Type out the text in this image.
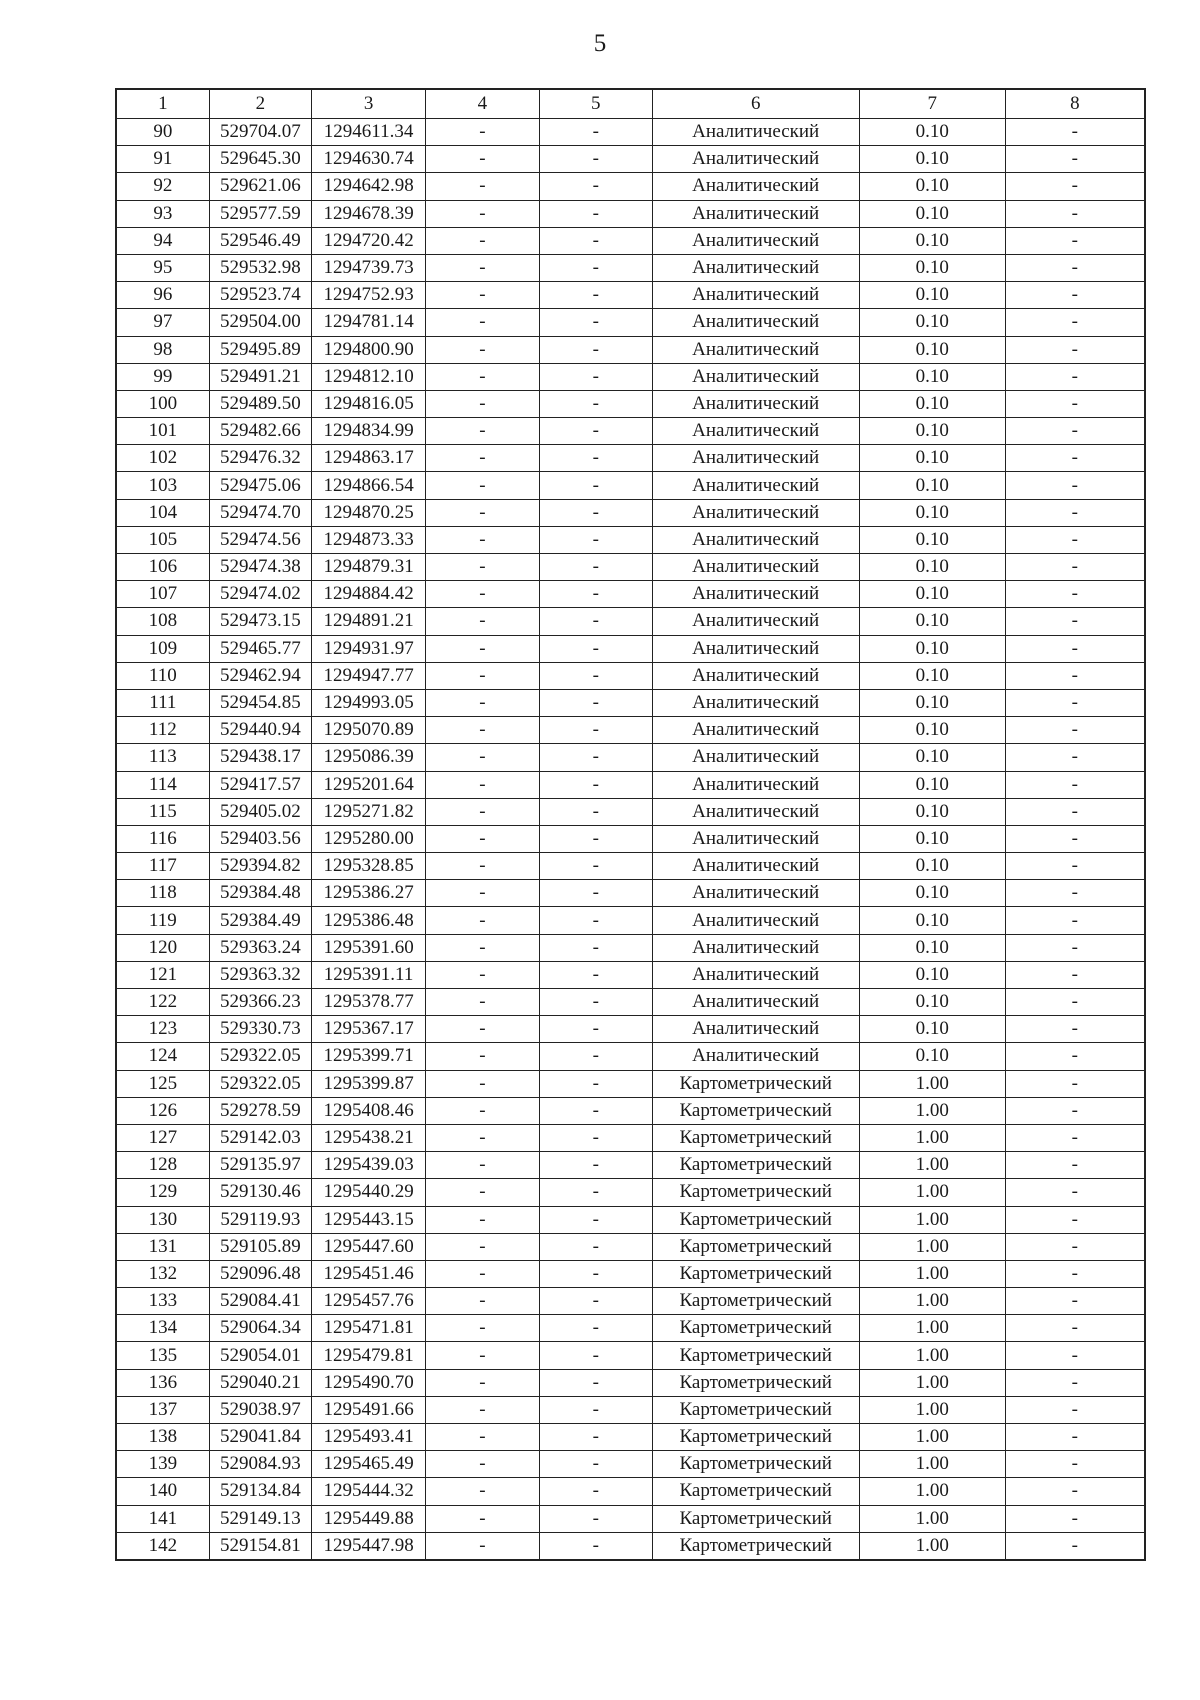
5
1	2	3	4	5	6	7	8
90	529704.07	1294611.34	-	-	Аналитический	0.10	-
91	529645.30	1294630.74	-	-	Аналитический	0.10	-
92	529621.06	1294642.98	-	-	Аналитический	0.10	-
93	529577.59	1294678.39	-	-	Аналитический	0.10	-
94	529546.49	1294720.42	-	-	Аналитический	0.10	-
95	529532.98	1294739.73	-	-	Аналитический	0.10	-
96	529523.74	1294752.93	-	-	Аналитический	0.10	-
97	529504.00	1294781.14	-	-	Аналитический	0.10	-
98	529495.89	1294800.90	-	-	Аналитический	0.10	-
99	529491.21	1294812.10	-	-	Аналитический	0.10	-
100	529489.50	1294816.05	-	-	Аналитический	0.10	-
101	529482.66	1294834.99	-	-	Аналитический	0.10	-
102	529476.32	1294863.17	-	-	Аналитический	0.10	-
103	529475.06	1294866.54	-	-	Аналитический	0.10	-
104	529474.70	1294870.25	-	-	Аналитический	0.10	-
105	529474.56	1294873.33	-	-	Аналитический	0.10	-
106	529474.38	1294879.31	-	-	Аналитический	0.10	-
107	529474.02	1294884.42	-	-	Аналитический	0.10	-
108	529473.15	1294891.21	-	-	Аналитический	0.10	-
109	529465.77	1294931.97	-	-	Аналитический	0.10	-
110	529462.94	1294947.77	-	-	Аналитический	0.10	-
111	529454.85	1294993.05	-	-	Аналитический	0.10	-
112	529440.94	1295070.89	-	-	Аналитический	0.10	-
113	529438.17	1295086.39	-	-	Аналитический	0.10	-
114	529417.57	1295201.64	-	-	Аналитический	0.10	-
115	529405.02	1295271.82	-	-	Аналитический	0.10	-
116	529403.56	1295280.00	-	-	Аналитический	0.10	-
117	529394.82	1295328.85	-	-	Аналитический	0.10	-
118	529384.48	1295386.27	-	-	Аналитический	0.10	-
119	529384.49	1295386.48	-	-	Аналитический	0.10	-
120	529363.24	1295391.60	-	-	Аналитический	0.10	-
121	529363.32	1295391.11	-	-	Аналитический	0.10	-
122	529366.23	1295378.77	-	-	Аналитический	0.10	-
123	529330.73	1295367.17	-	-	Аналитический	0.10	-
124	529322.05	1295399.71	-	-	Аналитический	0.10	-
125	529322.05	1295399.87	-	-	Картометрический	1.00	-
126	529278.59	1295408.46	-	-	Картометрический	1.00	-
127	529142.03	1295438.21	-	-	Картометрический	1.00	-
128	529135.97	1295439.03	-	-	Картометрический	1.00	-
129	529130.46	1295440.29	-	-	Картометрический	1.00	-
130	529119.93	1295443.15	-	-	Картометрический	1.00	-
131	529105.89	1295447.60	-	-	Картометрический	1.00	-
132	529096.48	1295451.46	-	-	Картометрический	1.00	-
133	529084.41	1295457.76	-	-	Картометрический	1.00	-
134	529064.34	1295471.81	-	-	Картометрический	1.00	-
135	529054.01	1295479.81	-	-	Картометрический	1.00	-
136	529040.21	1295490.70	-	-	Картометрический	1.00	-
137	529038.97	1295491.66	-	-	Картометрический	1.00	-
138	529041.84	1295493.41	-	-	Картометрический	1.00	-
139	529084.93	1295465.49	-	-	Картометрический	1.00	-
140	529134.84	1295444.32	-	-	Картометрический	1.00	-
141	529149.13	1295449.88	-	-	Картометрический	1.00	-
142	529154.81	1295447.98	-	-	Картометрический	1.00	-
